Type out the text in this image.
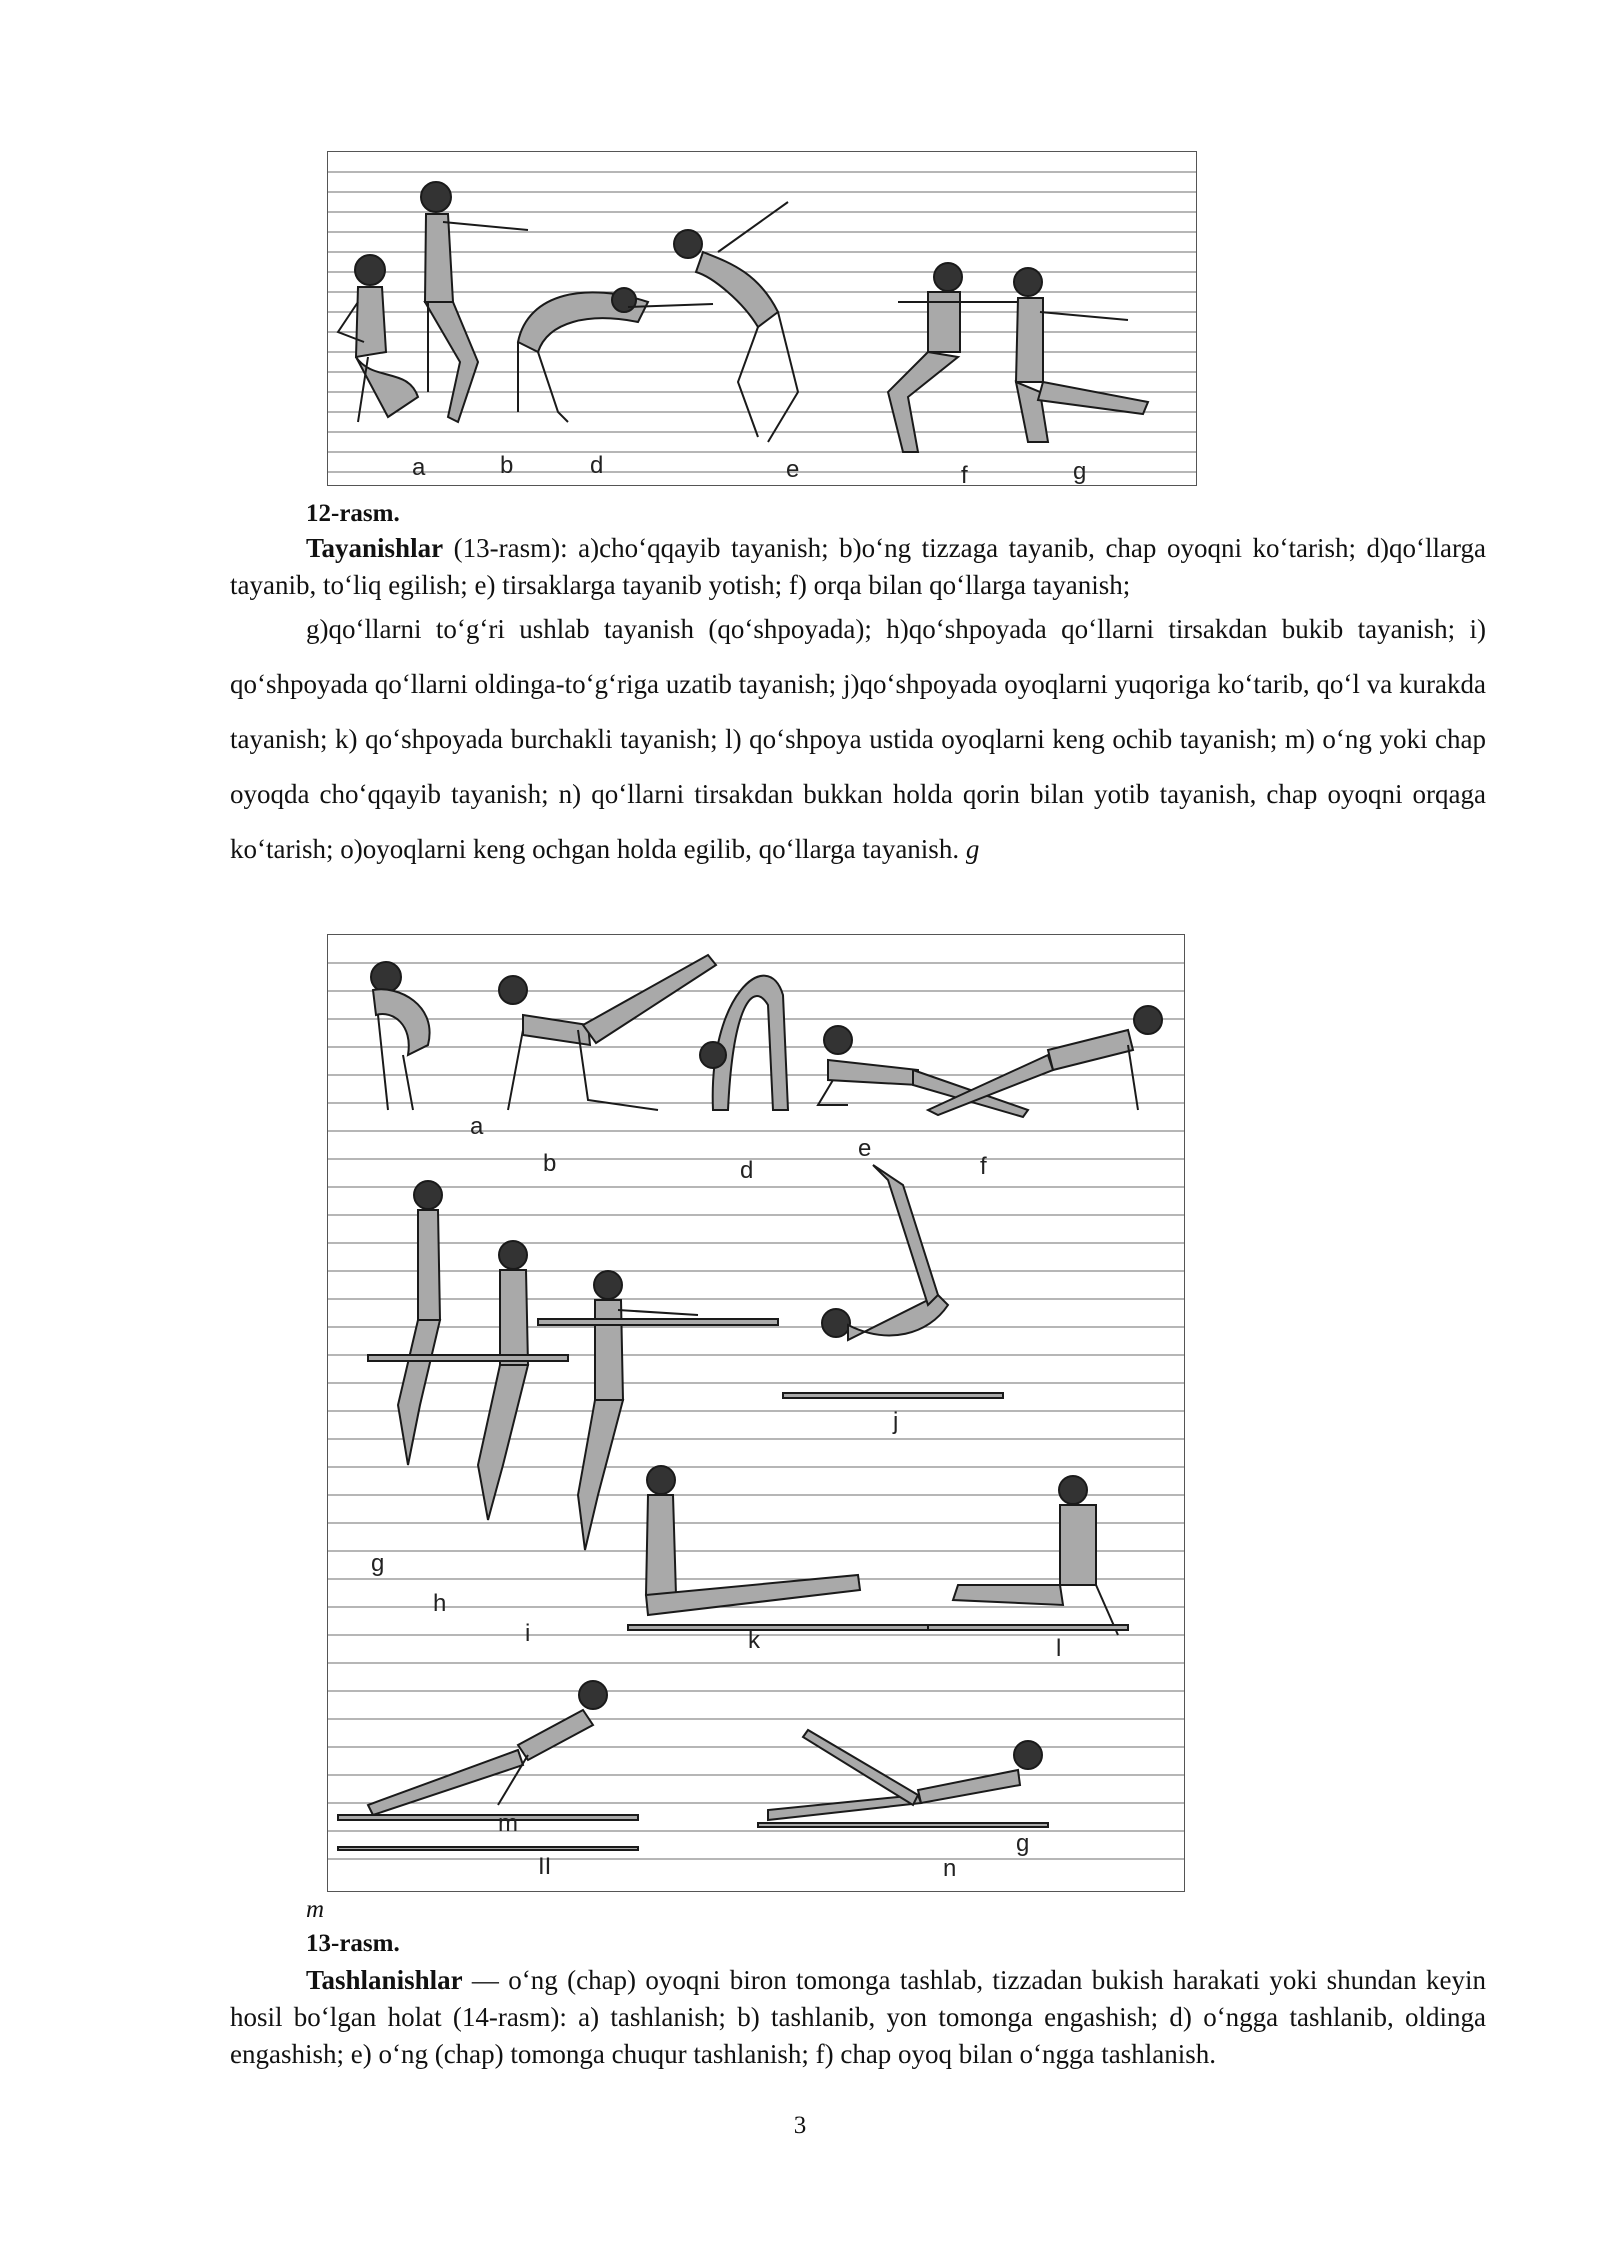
a	b	d	e	f	g
12-rasm.

Tayanishlar (13-rasm): a)cho‘qqayib tayanish; b)o‘ng tizzaga tayanib, chap oyoqni ko‘tarish; d)qo‘llarga tayanib, to‘liq egilish; e) tirsaklarga tayanib yotish; f) orqa bilan qo‘llarga tayanish;

g)qo‘llarni to‘g‘ri ushlab tayanish (qo‘shpoyada); h)qo‘shpoyada qo‘llarni tirsakdan bukib tayanish; i) qo‘shpoyada qo‘llarni oldinga-to‘g‘riga uzatib tayanish; j)qo‘shpoyada oyoqlarni yuqoriga ko‘tarib, qo‘l va kurakda tayanish; k) qo‘shpoyada burchakli tayanish; l) qo‘shpoya ustida oyoqlarni keng ochib tayanish; m) o‘ng yoki chap oyoqda cho‘qqayib tayanish; n) qo‘llarni tirsakdan bukkan holda qorin bilan yotib tayanish, chap oyoqni orqaga ko‘tarish; o)oyoqlarni keng ochgan holda egilib, qo‘llarga tayanish. g

a
b	d
e
f
j
g
h
i	k	l
m
g
n
II
m
13-rasm.

Tashlanishlar — o‘ng (chap) oyoqni biron tomonga tashlab, tizzadan bukish harakati yoki shundan keyin hosil bo‘lgan holat (14-rasm): a) tashlanish; b) tashlanib, yon tomonga engashish; d) o‘ngga tashlanib, oldinga engashish; e) o‘ng (chap) tomonga chuqur tashlanish; f) chap oyoq bilan o‘ngga tashlanish.

3
